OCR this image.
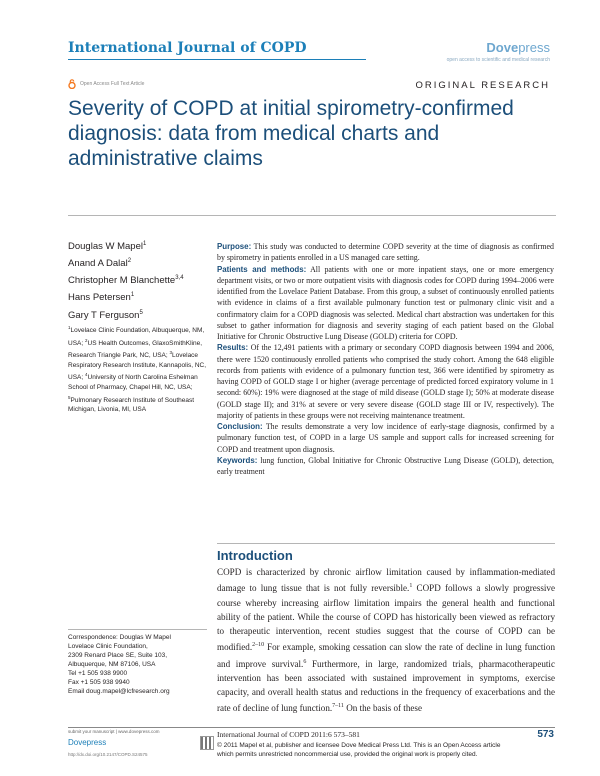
International Journal of COPD	Dovepress
open access to scientific and medical research
Open Access Full Text Article	ORIGINAL RESEARCH
Severity of COPD at initial spirometry-confirmed diagnosis: data from medical charts and administrative claims
Douglas W Mapel$^1$
Anand A Dalal$^2$
Christopher M Blanchette$^{3,4}$
Hans Petersen$^1$
Gary T Ferguson$^5$
$^1$Lovelace Clinic Foundation, Albuquerque, NM, USA; $^2$US Health Outcomes, GlaxoSmithKline, Research Triangle Park, NC, USA; $^3$Lovelace Respiratory Research Institute, Kannapolis, NC, USA; $^4$University of North Carolina Eshelman School of Pharmacy, Chapel Hill, NC, USA; $^5$Pulmonary Research Institute of Southeast Michigan, Livonia, MI, USA

Purpose: This study was conducted to determine COPD severity at the time of diagnosis as confirmed by spirometry in patients enrolled in a US managed care setting.

Patients and methods: All patients with one or more inpatient stays, one or more emergency department visits, or two or more outpatient visits with diagnosis codes for COPD during 1994–2006 were identified from the Lovelace Patient Database. From this group, a subset of continuously enrolled patients with evidence in claims of a first available pulmonary function test or pulmonary clinic visit and a confirmatory claim for a COPD diagnosis was selected. Medical chart abstraction was undertaken for this subset to gather information for diagnosis and severity staging of each patient based on the Global Initiative for Chronic Obstructive Lung Disease (GOLD) criteria for COPD.

Results: Of the 12,491 patients with a primary or secondary COPD diagnosis between 1994 and 2006, there were 1520 continuously enrolled patients who comprised the study cohort. Among the 648 eligible records from patients with evidence of a pulmonary function test, 366 were identified by spirometry as having COPD of GOLD stage I or higher (average percentage of predicted forced expiratory volume in 1 second: 60%): 19% were diagnosed at the stage of mild disease (GOLD stage I); 50% at moderate disease (GOLD stage II); and 31% at severe or very severe disease (GOLD stage III or IV, respectively). The majority of patients in these groups were not receiving maintenance treatment.

Conclusion: The results demonstrate a very low incidence of early-stage diagnosis, confirmed by a pulmonary function test, of COPD in a large US sample and support calls for increased screening for COPD and treatment upon diagnosis.

Keywords: lung function, Global Initiative for Chronic Obstructive Lung Disease (GOLD), detection, early treatment

Introduction
COPD is characterized by chronic airflow limitation caused by inflammation-mediated damage to lung tissue that is not fully reversible.$^1$ COPD follows a slowly progressive course whereby increasing airflow limitation impairs the general health and functional ability of the patient. While the course of COPD has historically been viewed as refractory to therapeutic intervention, recent studies suggest that the course of COPD can be modified.$^{2-10}$ For example, smoking cessation can slow the rate of decline in lung function and improve survival.$^6$ Furthermore, in large, randomized trials, pharmacotherapeutic intervention has been associated with sustained improvement in symptoms, exercise capacity, and overall health status and reductions in the frequency of exacerbations and the rate of decline of lung function.$^{7-11}$ On the basis of these
Correspondence: Douglas W Mapel
Lovelace Clinic Foundation,
2309 Renard Place SE, Suite 103,
Albuquerque, NM 87106, USA
Tel +1 505 938 9900
Fax +1 505 938 9940
Email doug.mapel@lcfresearch.org
submit your manuscript | www.dovepress.com
Dovepress
http://dx.doi.org/10.2147/COPD.S24575
International Journal of COPD 2011:6 573–581	573
© 2011 Mapel et al, publisher and licensee Dove Medical Press Ltd. This is an Open Access article
which permits unrestricted noncommercial use, provided the original work is properly cited.
